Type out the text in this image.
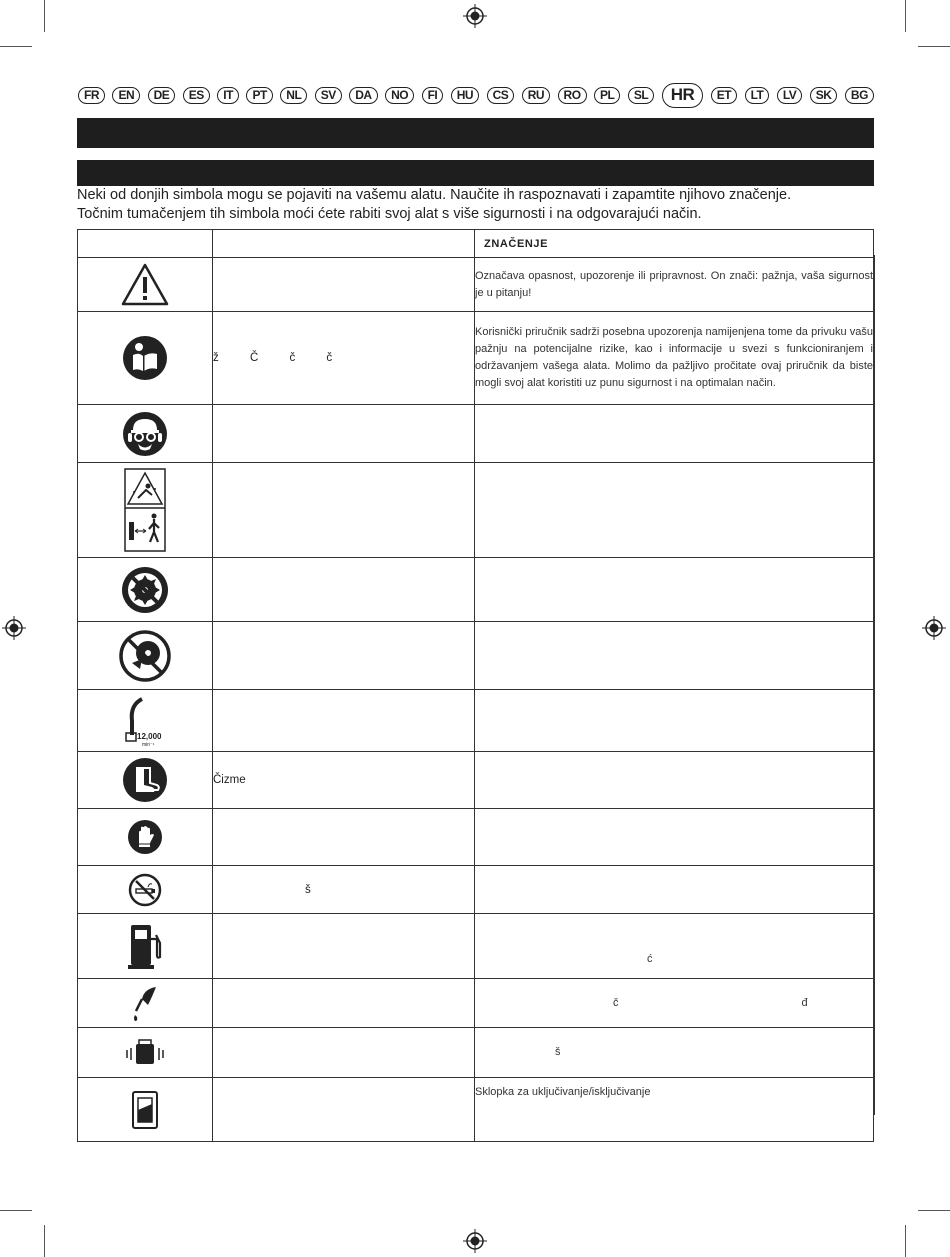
FR	EN	DE	ES	IT	PT	NL	SV	DA	NO	FI	HU	CS	RU	RO	PL	SL	HR	ET	LT	LV	SK	BG

Neki od donjih simbola mogu se pojaviti na vašemu alatu. Naučite ih raspoznavati i zapamtite njihovo značenje.

Točnim tumačenjem tih simbola moći ćete rabiti svoj alat s više sigurnosti i na odgovarajući način.

		ZNAČENJE

		Označava opasnost, upozorenje ili pripravnost. On znači: pažnja, vaša sigurnost je u pitanju!

	ž Č č č	Korisnički priručnik sadrži posebna upozorenja namijenjena tome da privuku vašu pažnju na potencijalne rizike, kao i informacije u svezi s funkcioniranjem i održavanjem vašega alata. Molimo da pažljivo pročitate ovaj priručnik da biste mogli svoj alat koristiti uz punu sigurnost i na optimalan način.

12,000
min⁻¹		

	Čizme	

	š	

		ć

		č đ

		š

		Sklopka za uključivanje/isključivanje
